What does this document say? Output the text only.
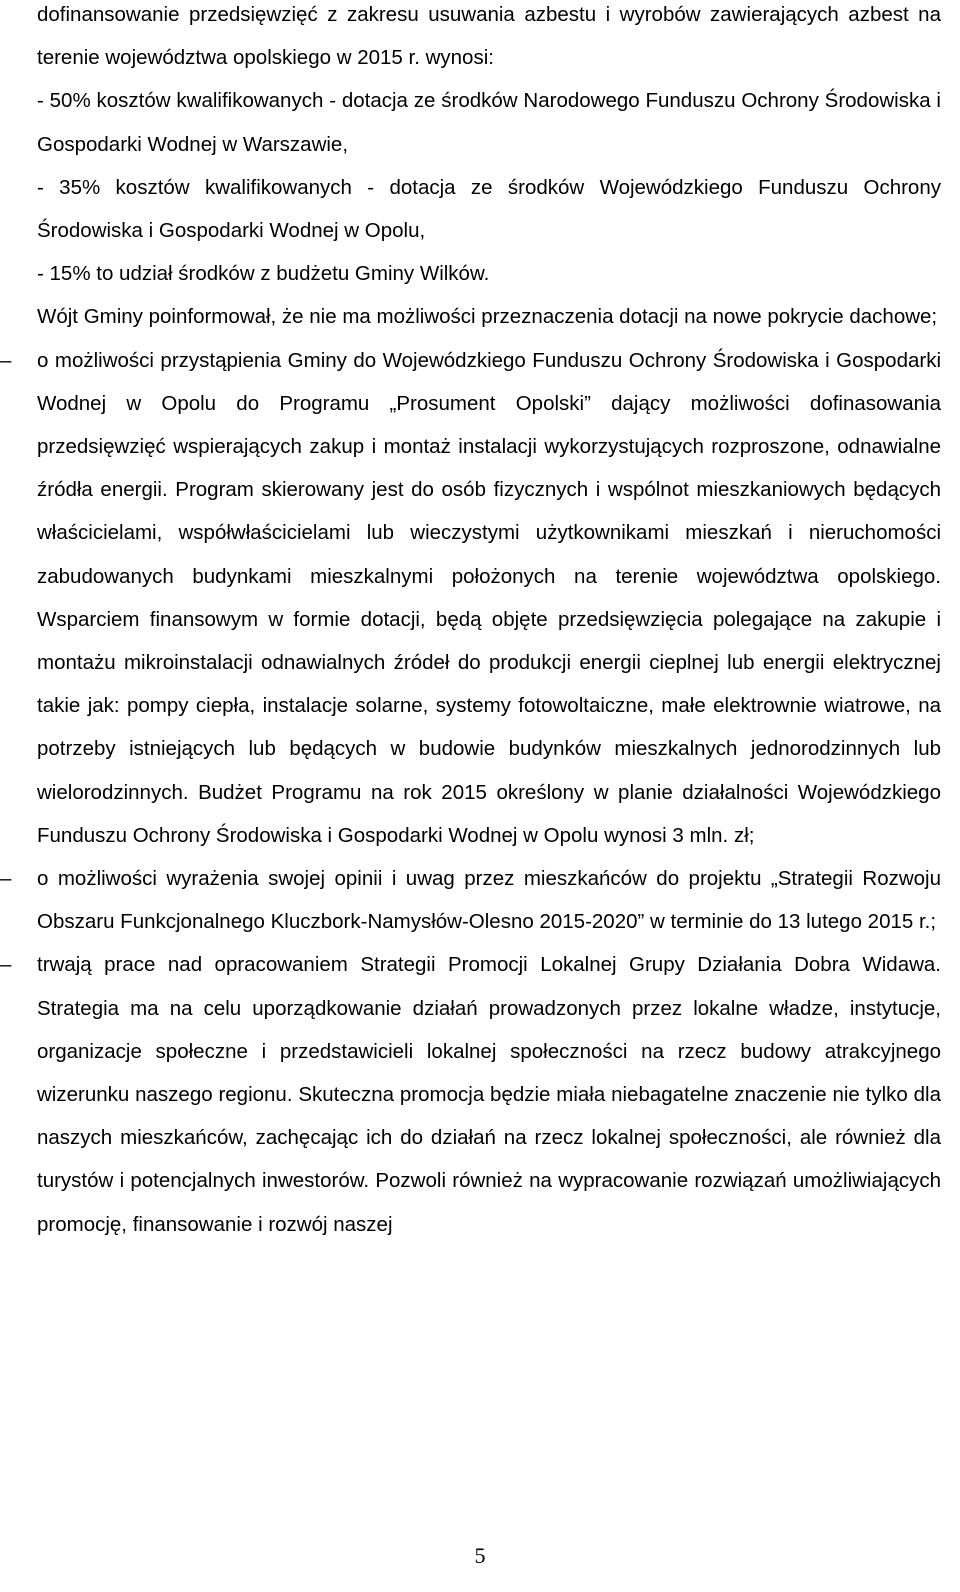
dofinansowanie przedsięwzięć z zakresu usuwania azbestu i wyrobów zawierających azbest na terenie województwa opolskiego w 2015 r. wynosi:

- 50% kosztów kwalifikowanych - dotacja ze środków Narodowego Funduszu Ochrony Środowiska i Gospodarki Wodnej w Warszawie,

- 35% kosztów kwalifikowanych - dotacja ze środków Wojewódzkiego Funduszu Ochrony Środowiska i Gospodarki Wodnej w Opolu,

- 15% to udział środków z budżetu Gminy Wilków.

Wójt Gminy poinformował, że nie ma możliwości przeznaczenia dotacji na nowe pokrycie dachowe;

–	o możliwości przystąpienia Gminy do Wojewódzkiego Funduszu Ochrony Środowiska i Gospodarki Wodnej w Opolu do Programu „Prosument Opolski” dający możliwości dofinasowania przedsięwzięć wspierających zakup i montaż instalacji wykorzystujących rozproszone, odnawialne źródła energii. Program skierowany jest do osób fizycznych i wspólnot mieszkaniowych będących właścicielami, współwłaścicielami lub wieczystymi użytkownikami mieszkań i nieruchomości zabudowanych budynkami mieszkalnymi położonych na terenie województwa opolskiego. Wsparciem finansowym w formie dotacji, będą objęte przedsięwzięcia polegające na zakupie i montażu mikroinstalacji odnawialnych źródeł do produkcji energii cieplnej lub energii elektrycznej takie jak: pompy ciepła, instalacje solarne, systemy fotowoltaiczne, małe elektrownie wiatrowe, na potrzeby istniejących lub będących w budowie budynków mieszkalnych jednorodzinnych lub wielorodzinnych. Budżet Programu na rok 2015 określony w planie działalności Wojewódzkiego Funduszu Ochrony Środowiska i Gospodarki Wodnej w Opolu wynosi 3 mln. zł;

–	o możliwości wyrażenia swojej opinii i uwag przez mieszkańców do projektu „Strategii Rozwoju Obszaru Funkcjonalnego Kluczbork-Namysłów-Olesno 2015-2020” w terminie do 13 lutego 2015 r.;

–	trwają prace nad opracowaniem Strategii Promocji Lokalnej Grupy Działania Dobra Widawa. Strategia ma na celu uporządkowanie działań prowadzonych przez lokalne władze, instytucje, organizacje społeczne i przedstawicieli lokalnej społeczności na rzecz budowy atrakcyjnego wizerunku naszego regionu. Skuteczna promocja będzie miała niebagatelne znaczenie nie tylko dla naszych mieszkańców, zachęcając ich do działań na rzecz lokalnej społeczności, ale również dla turystów i potencjalnych inwestorów. Pozwoli również na wypracowanie rozwiązań umożliwiających promocję, finansowanie i rozwój naszej

5
